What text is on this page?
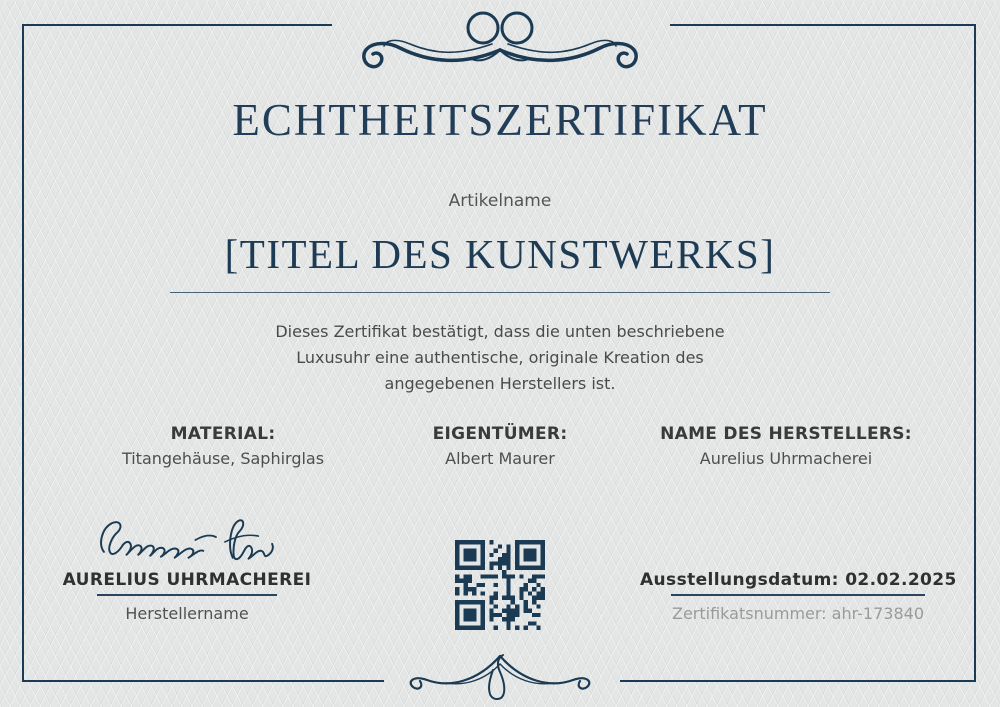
ECHTHEITSZERTIFIKAT
Artikelname
[TITEL DES KUNSTWERKS]
Dieses Zertifikat bestätigt, dass die unten beschriebene
Luxusuhr eine authentische, originale Kreation des
angegebenen Herstellers ist.
MATERIAL:
Titangehäuse, Saphirglas
EIGENTÜMER:
Albert Maurer
NAME DES HERSTELLERS:
Aurelius Uhrmacherei
AURELIUS UHRMACHEREI
Herstellername
Ausstellungsdatum: 02.02.2025
Zertifikatsnummer: ahr-173840
